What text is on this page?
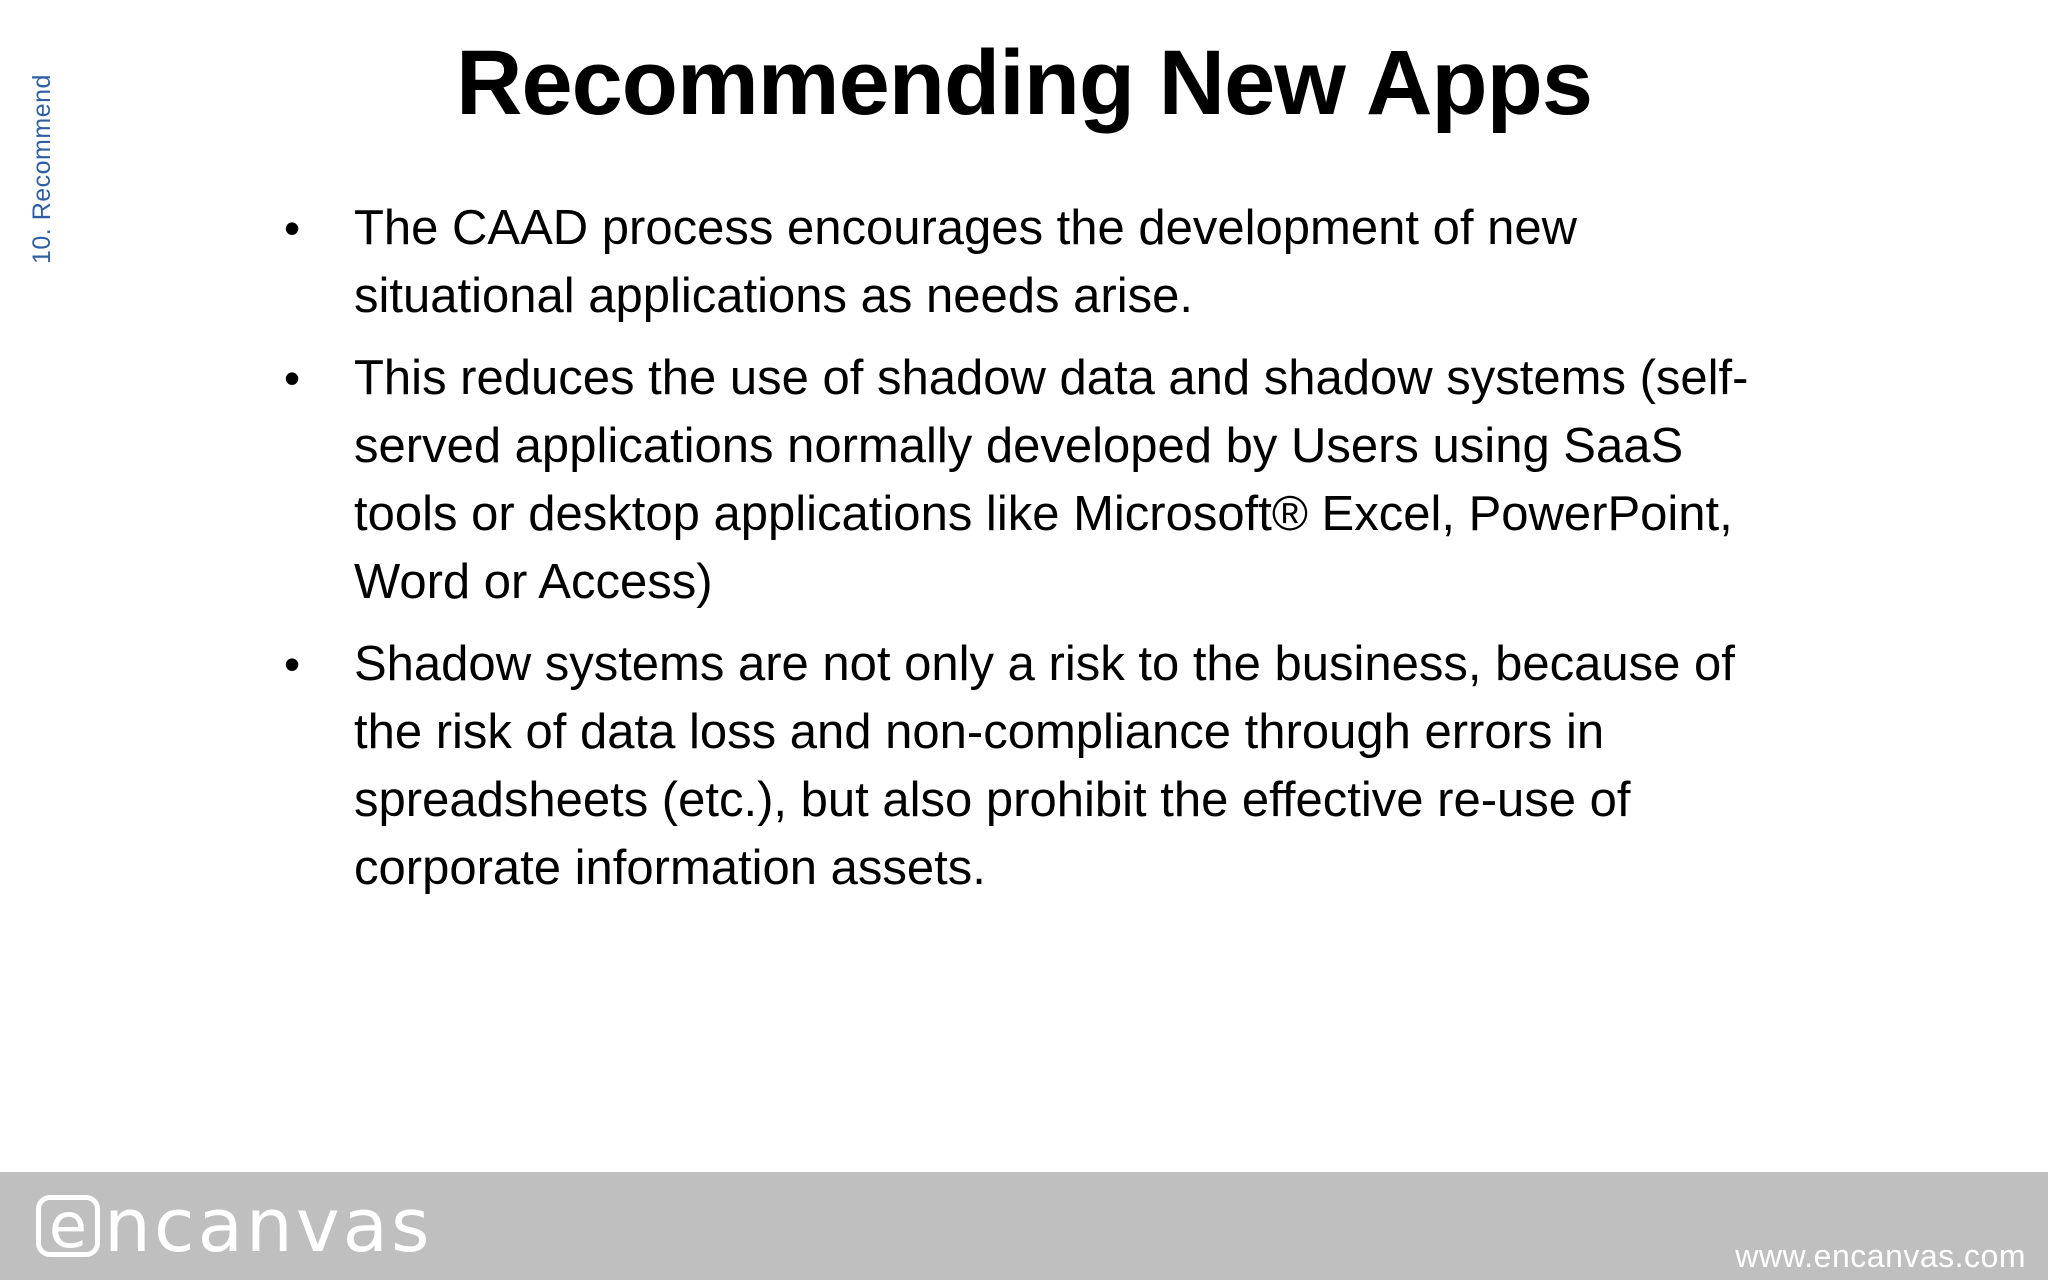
10. Recommend	Recommending New Apps
• The CAAD process encourages the development of new situational applications as needs arise.
• This reduces the use of shadow data and shadow systems (self-served applications normally developed by Users using SaaS tools or desktop applications like Microsoft® Excel, PowerPoint, Word or Access)
• Shadow systems are not only a risk to the business, because of the risk of data loss and non-compliance through errors in spreadsheets (etc.), but also prohibit the effective re-use of corporate information assets.
e ncanvas	www.encanvas.com
